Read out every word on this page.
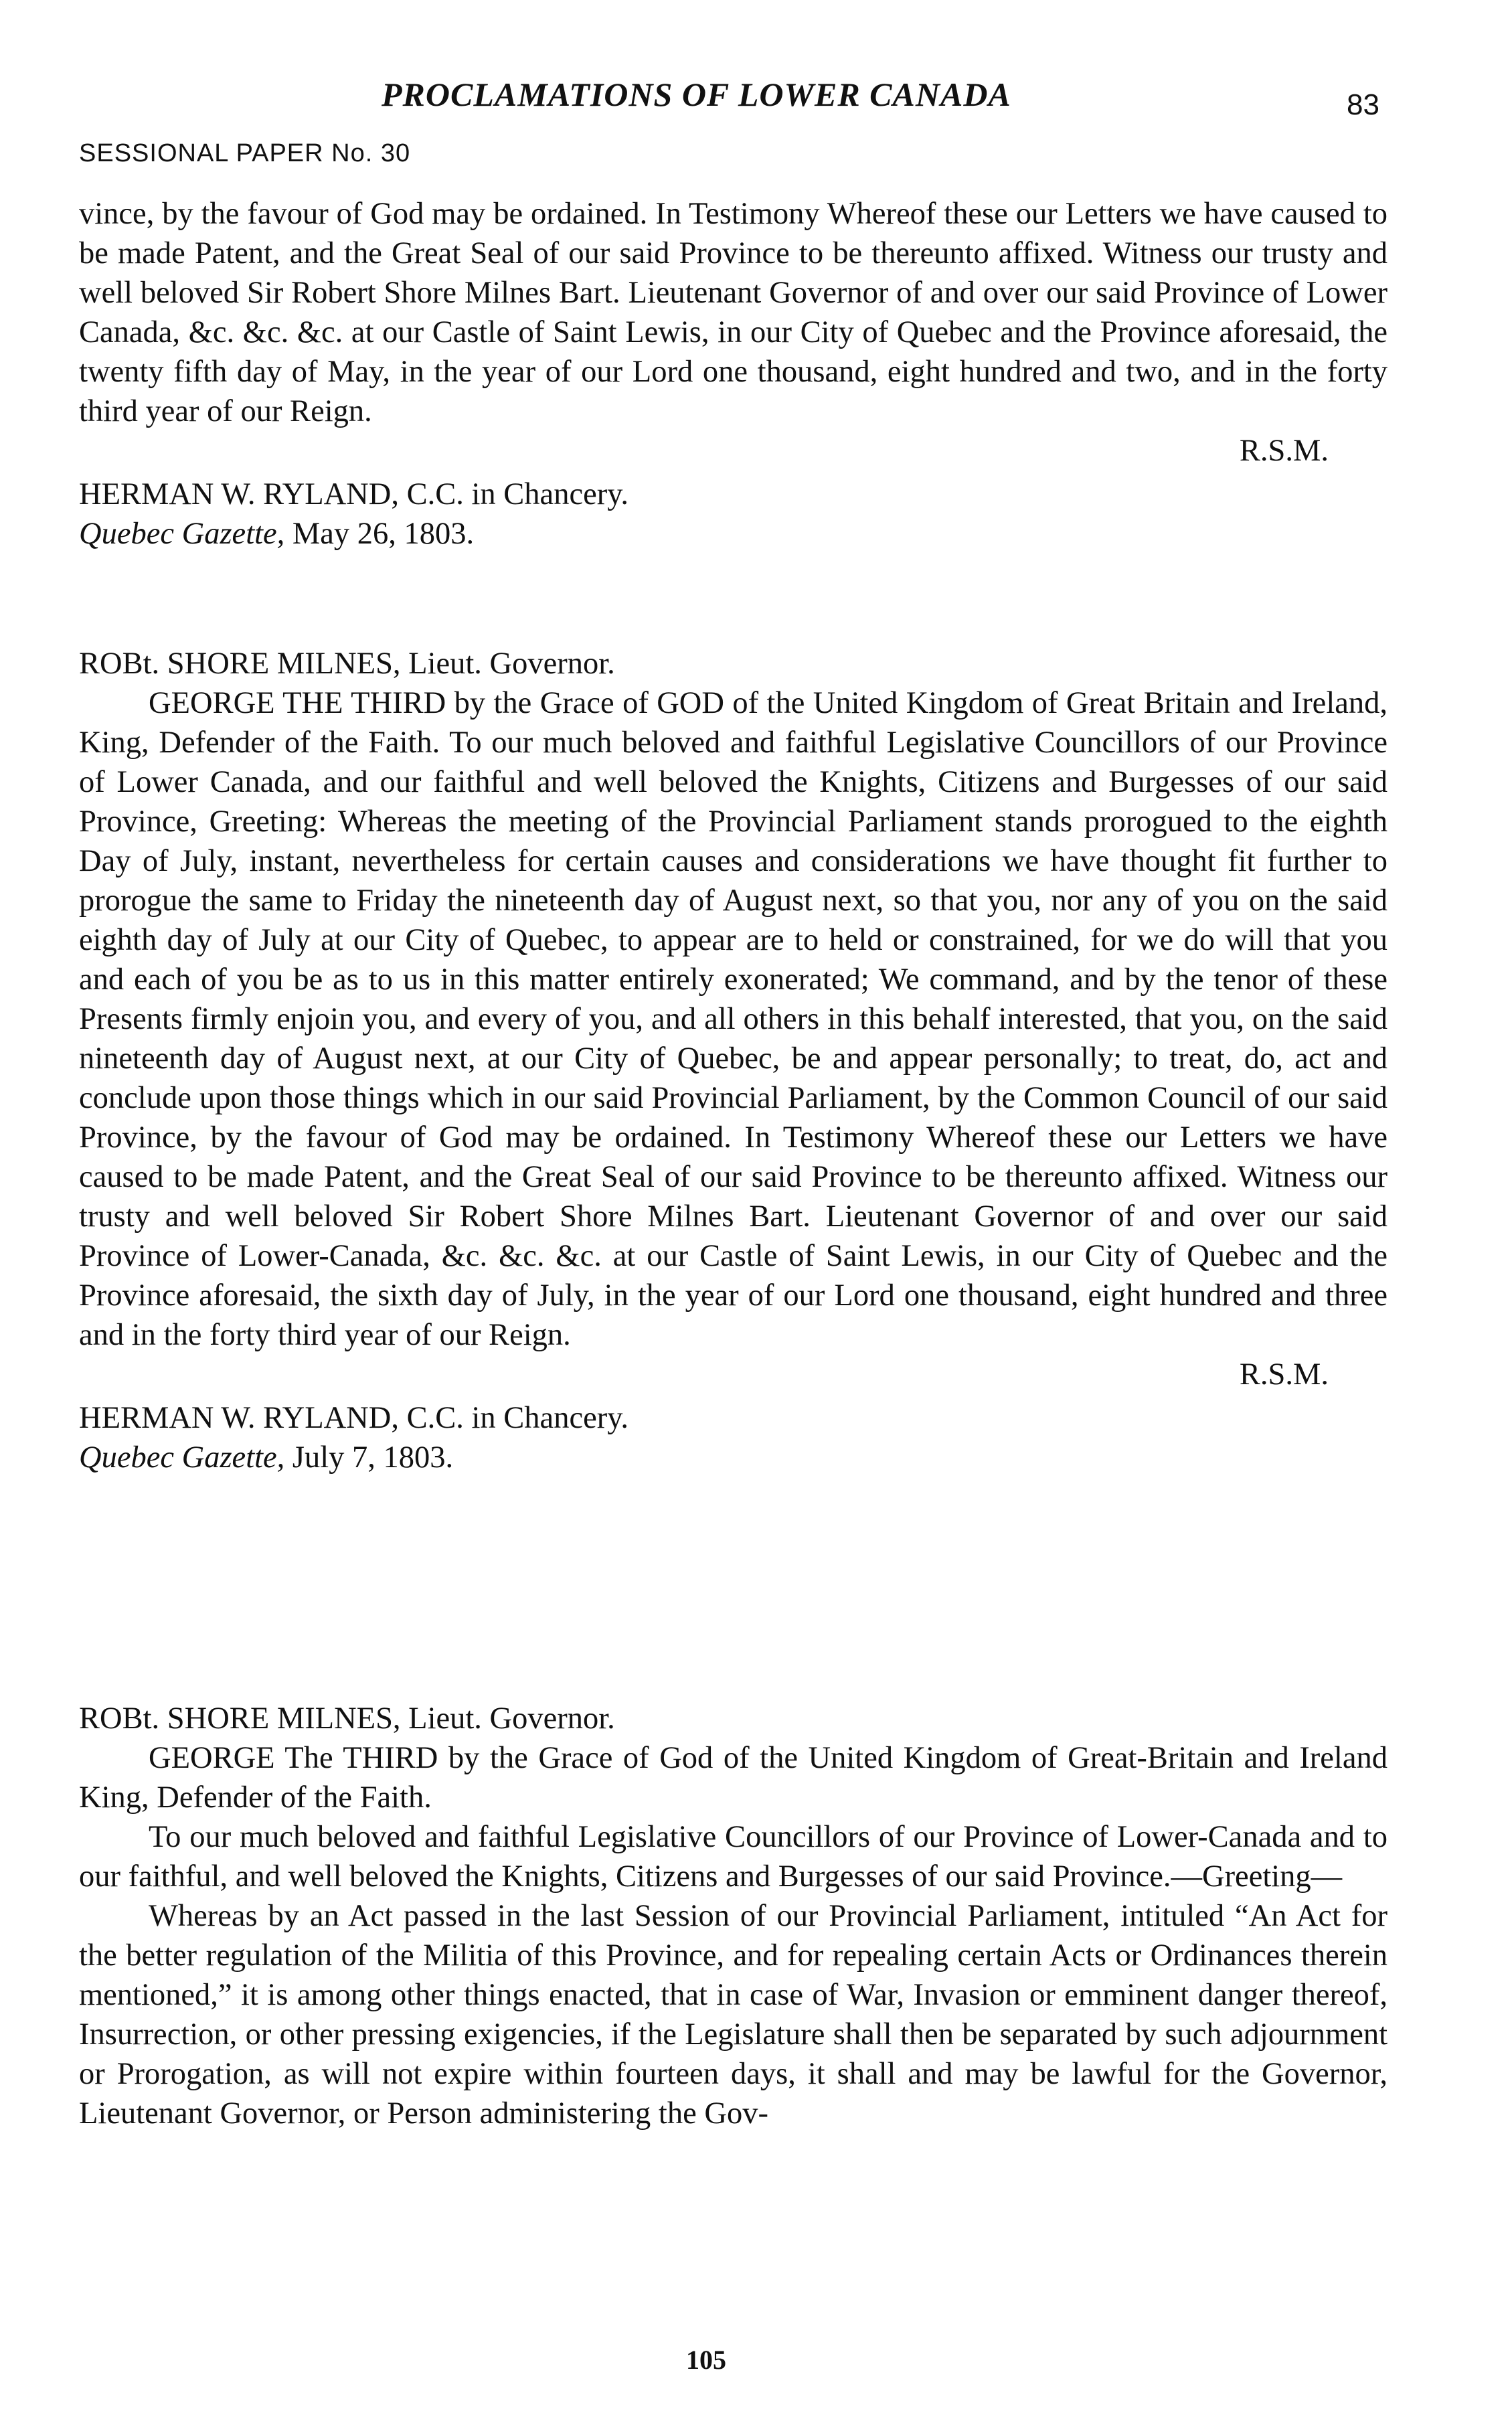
PROCLAMATIONS OF LOWER CANADA	83
SESSIONAL PAPER No. 30

vince, by the favour of God may be ordained. In Testimony Whereof these our Letters we have caused to be made Patent, and the Great Seal of our said Province to be thereunto affixed. Witness our trusty and well beloved Sir Robert Shore Milnes Bart. Lieutenant Governor of and over our said Province of Lower Canada, &c. &c. &c. at our Castle of Saint Lewis, in our City of Quebec and the Province aforesaid, the twenty fifth day of May, in the year of our Lord one thousand, eight hundred and two, and in the forty third year of our Reign.

R.S.M.

HERMAN W. RYLAND, C.C. in Chancery.

Quebec Gazette, May 26, 1803.

ROBt. SHORE MILNES, Lieut. Governor.

GEORGE THE THIRD by the Grace of GOD of the United Kingdom of Great Britain and Ireland, King, Defender of the Faith. To our much beloved and faithful Legislative Councillors of our Province of Lower Canada, and our faithful and well beloved the Knights, Citizens and Burgesses of our said Province, Greeting: Whereas the meeting of the Provincial Parliament stands prorogued to the eighth Day of July, instant, nevertheless for certain causes and considerations we have thought fit further to prorogue the same to Friday the nineteenth day of August next, so that you, nor any of you on the said eighth day of July at our City of Quebec, to appear are to held or constrained, for we do will that you and each of you be as to us in this matter entirely exonerated; We command, and by the tenor of these Presents firmly enjoin you, and every of you, and all others in this behalf interested, that you, on the said nineteenth day of August next, at our City of Quebec, be and appear personally; to treat, do, act and conclude upon those things which in our said Provincial Parliament, by the Common Council of our said Province, by the favour of God may be ordained. In Testimony Whereof these our Letters we have caused to be made Patent, and the Great Seal of our said Province to be thereunto affixed. Witness our trusty and well beloved Sir Robert Shore Milnes Bart. Lieutenant Governor of and over our said Province of Lower-Canada, &c. &c. &c. at our Castle of Saint Lewis, in our City of Quebec and the Province aforesaid, the sixth day of July, in the year of our Lord one thousand, eight hundred and three and in the forty third year of our Reign.

R.S.M.

HERMAN W. RYLAND, C.C. in Chancery.

Quebec Gazette, July 7, 1803.

ROBt. SHORE MILNES, Lieut. Governor.

GEORGE The THIRD by the Grace of God of the United Kingdom of Great-Britain and Ireland King, Defender of the Faith.

To our much beloved and faithful Legislative Councillors of our Province of Lower-Canada and to our faithful, and well beloved the Knights, Citizens and Burgesses of our said Province.—Greeting—

Whereas by an Act passed in the last Session of our Provincial Parliament, intituled “An Act for the better regulation of the Militia of this Province, and for repealing certain Acts or Ordinances therein mentioned,” it is among other things enacted, that in case of War, Invasion or emminent danger thereof, Insurrection, or other pressing exigencies, if the Legislature shall then be separated by such adjournment or Prorogation, as will not expire within fourteen days, it shall and may be lawful for the Governor, Lieutenant Governor, or Person administering the Gov-

105
